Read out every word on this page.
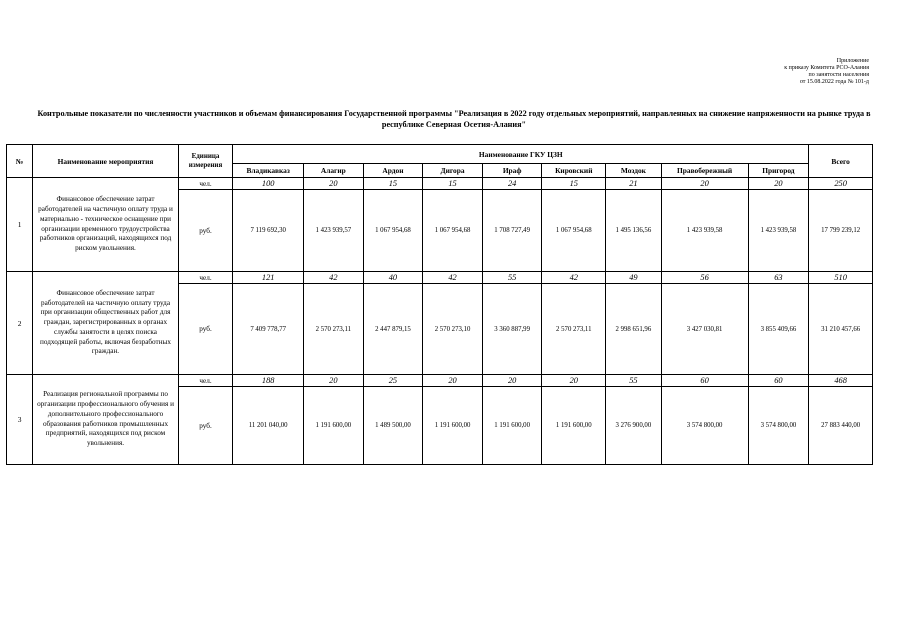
Приложение
к приказу Комитета РСО-Алания
по занятости населения
от 15.08.2022 года № 101-д
Контрольные показатели по численности участников и объемам финансирования Государственной программы "Реализация в 2022 году отдельных мероприятий, направленных на снижение напряженности на рынке труда в республике Северная Осетия-Алания"
№	Наименование мероприятия	Единица измерения	Наименование ГКУ ЦЗН									Всего
			Владикавказ	Алагир	Ардон	Дигора	Ираф	Кировский	Моздок	Правобережный	Пригород	
1	Финансовое обеспечение затрат работодателей на частичную оплату труда и материально - техническое оснащение при организации временного трудоустройства работников организаций, находящихся под риском увольнения.	чел.	100	20	15	15	24	15	21	20	20	250
		руб.	7 119 692,30	1 423 939,57	1 067 954,68	1 067 954,68	1 708 727,49	1 067 954,68	1 495 136,56	1 423 939,58	1 423 939,58	17 799 239,12
2	Финансовое обеспечение затрат работодателей на частичную оплату труда при организации общественных работ для граждан, зарегистрированных в органах службы занятости в целях поиска подходящей работы, включая безработных граждан.	чел.	121	42	40	42	55	42	49	56	63	510
		руб.	7 409 778,77	2 570 273,11	2 447 879,15	2 570 273,10	3 360 887,99	2 570 273,11	2 998 651,96	3 427 030,81	3 855 409,66	31 210 457,66
3	Реализация региональной программы по организации профессионального обучения и дополнительного профессионального образования работников промышленных предприятий, находящихся под риском увольнения.	чел.	188	20	25	20	20	20	55	60	60	468
		руб.	11 201 040,00	1 191 600,00	1 489 500,00	1 191 600,00	1 191 600,00	1 191 600,00	3 276 900,00	3 574 800,00	3 574 800,00	27 883 440,00
